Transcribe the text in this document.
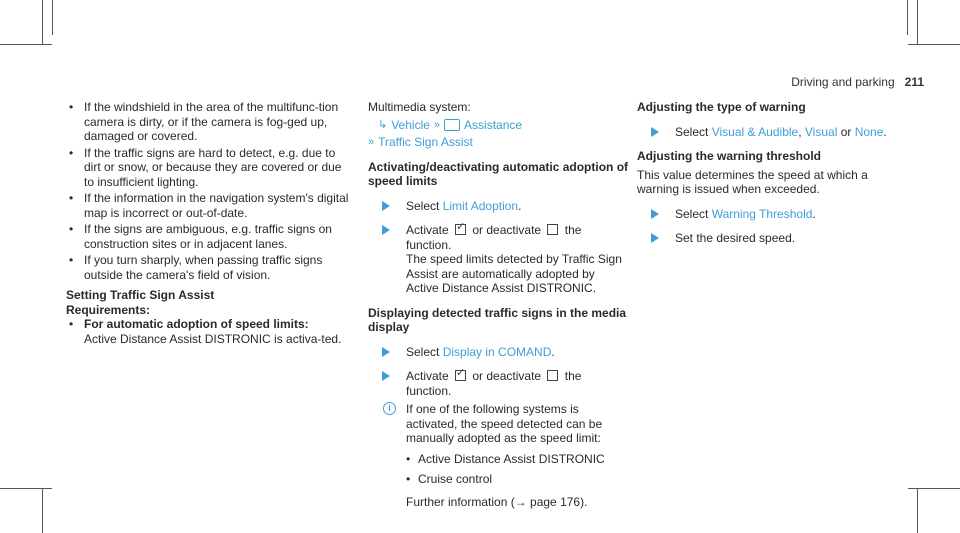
Driving and parking 211

• If the windshield in the area of the multifunc-tion camera is dirty, or if the camera is fog-ged up, damaged or covered.

• If the traffic signs are hard to detect, e.g. due to dirt or snow, or because they are covered or due to insufficient lighting.

• If the information in the navigation system's digital map is incorrect or out-of-date.

• If the signs are ambiguous, e.g. traffic signs on construction sites or in adjacent lanes.

• If you turn sharply, when passing traffic signs outside the camera's field of vision.

Setting Traffic Sign Assist

Requirements:

• For automatic adoption of speed limits:
Active Distance Assist DISTRONIC is activa-ted.

Multimedia system:

↳ Vehicle » Assistance
» Traffic Sign Assist
Activating/deactivating automatic adoption of speed limits

Select Limit Adoption.

Activate ✓ or deactivate the function.

The speed limits detected by Traffic Sign Assist are automatically adopted by Active Distance Assist DISTRONIC.

Displaying detected traffic signs in the media display

Select Display in COMAND.

Activate ✓ or deactivate the function.

i	If one of the following systems is activated, the speed detected can be manually adopted as the speed limit:

• Active Distance Assist DISTRONIC

• Cruise control

Further information (→ page 176).

Adjusting the type of warning

Select Visual & Audible, Visual or None.

Adjusting the warning threshold

This value determines the speed at which a warning is issued when exceeded.

Select Warning Threshold.

Set the desired speed.
